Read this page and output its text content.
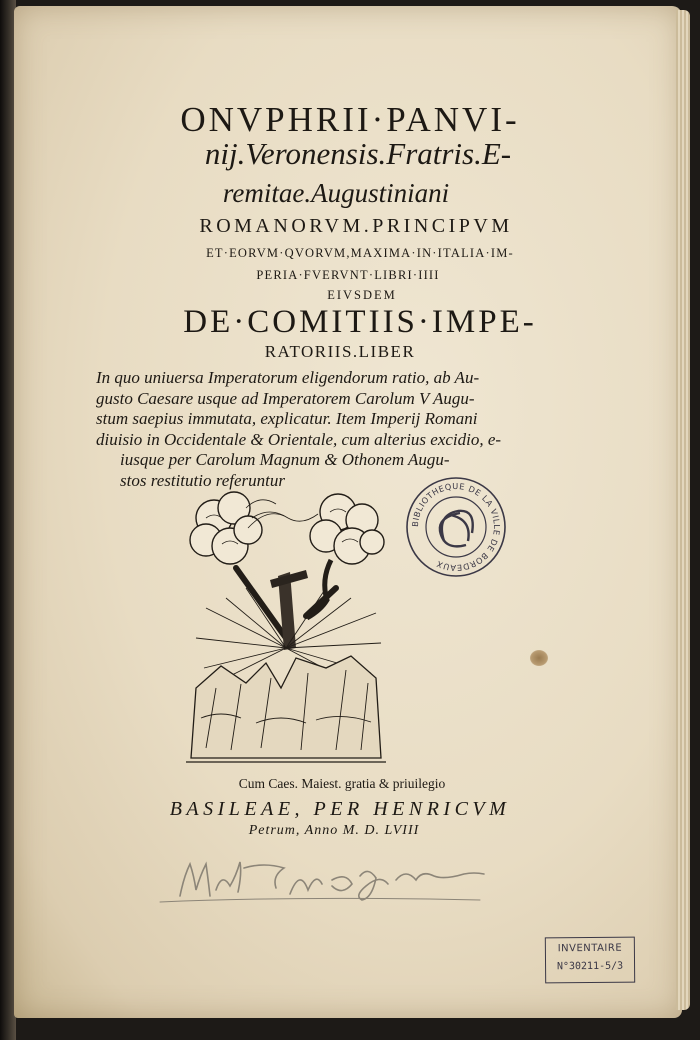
ONVPHRII·PANVI-
nij.Veronensis.Fratris.E-
remitae.Augustiniani
ROMANORVM.PRINCIPVM
ET·EORVM·QVORVM,MAXIMA·IN·ITALIA·IM-
PERIA·FVERVNT·LIBRI·IIII
EIVSDEM
DE·COMITIIS·IMPE-
RATORIIS.LIBER
In quo uniuersa Imperatorum eligendorum ratio, ab Au-
gusto Caesare usque ad Imperatorem Carolum V Augu-
stum saepius immutata, explicatur. Item Imperij Romani
diuisio in Occidentale & Orientale, cum alterius excidio, e-
iusque per Carolum Magnum & Othonem Augu-
stos restitutio referuntur
BIBLIOTHEQUE DE LA VILLE DE BORDEAUX
Cum Caes. Maiest. gratia & priuilegio
BASILEAE, PER HENRICVM
Petrum, Anno M. D. LVIII
INVENTAIRE
N°30211-5/3
